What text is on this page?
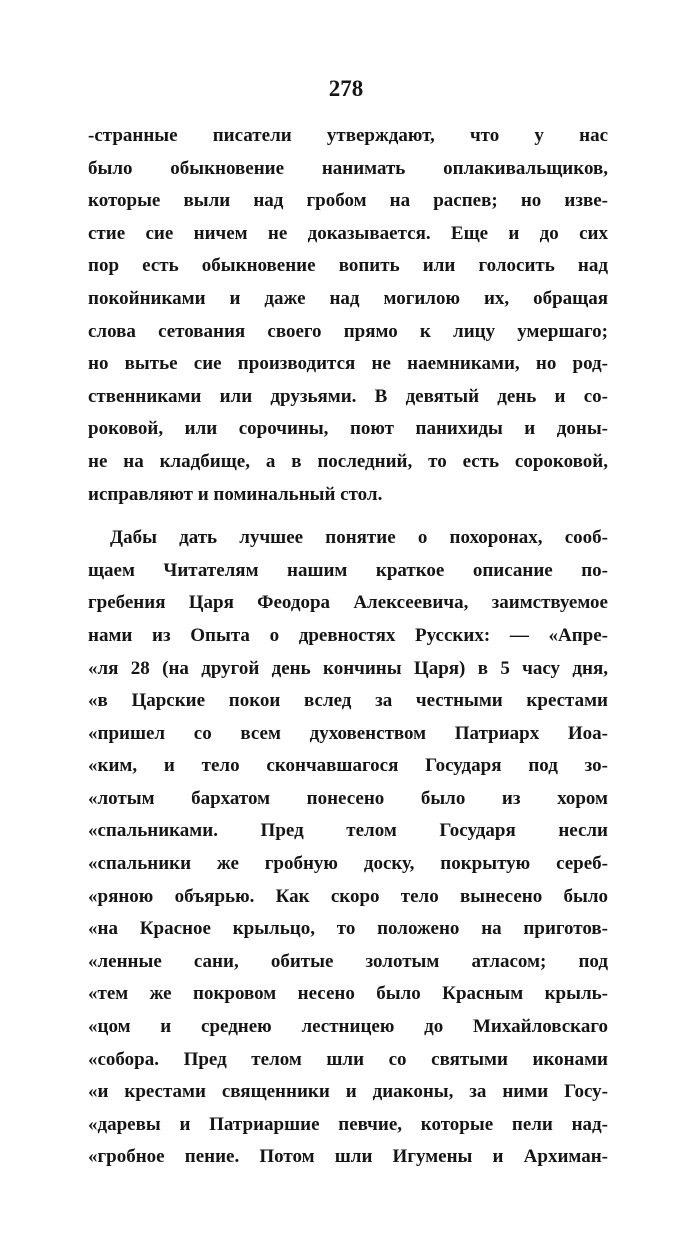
278
-странные писатели утверждают, что у нас
было обыкновение нанимать оплакивальщиков,
которые выли над гробом на распев; но изве-
стие сие ничем не доказывается. Еще и до сих
пор есть обыкновение вопить или голосить над
покойниками и даже над могилою их, обращая
слова сетования своего прямо к лицу умершаго;
но вытье сие производится не наемниками, но род-
ственниками или друзьями. В девятый день и со-
роковой, или сорочины, поют панихиды и доны-
не на кладбище, а в последний, то есть сороковой,
исправляют и поминальный стол.
Дабы дать лучшее понятие о похоронах, сооб-
щаем Читателям нашим краткое описание по-
гребения Царя Феодора Алексеевича, заимствуемое
нами из Опыта о древностях Русских: — «Апре-
«ля 28 (на другой день кончины Царя) в 5 часу дня,
«в Царские покои вслед за честными крестами
«пришел со всем духовенством Патриарх Иоа-
«ким, и тело скончавшагося Государя под зо-
«лотым бархатом понесено было из хором
«спальниками. Пред телом Государя несли
«спальники же гробную доску, покрытую сереб-
«ряною объярью. Как скоро тело вынесено было
«на Красное крыльцо, то положено на приготов-
«ленные сани, обитые золотым атласом; под
«тем же покровом несено было Красным крыль-
«цом и среднею лестницею до Михайловскаго
«собора. Пред телом шли со святыми иконами
«и крестами священники и диаконы, за ними Госу-
«даревы и Патриаршие певчие, которые пели над-
«гробное пение. Потом шли Игумены и Архиман-
